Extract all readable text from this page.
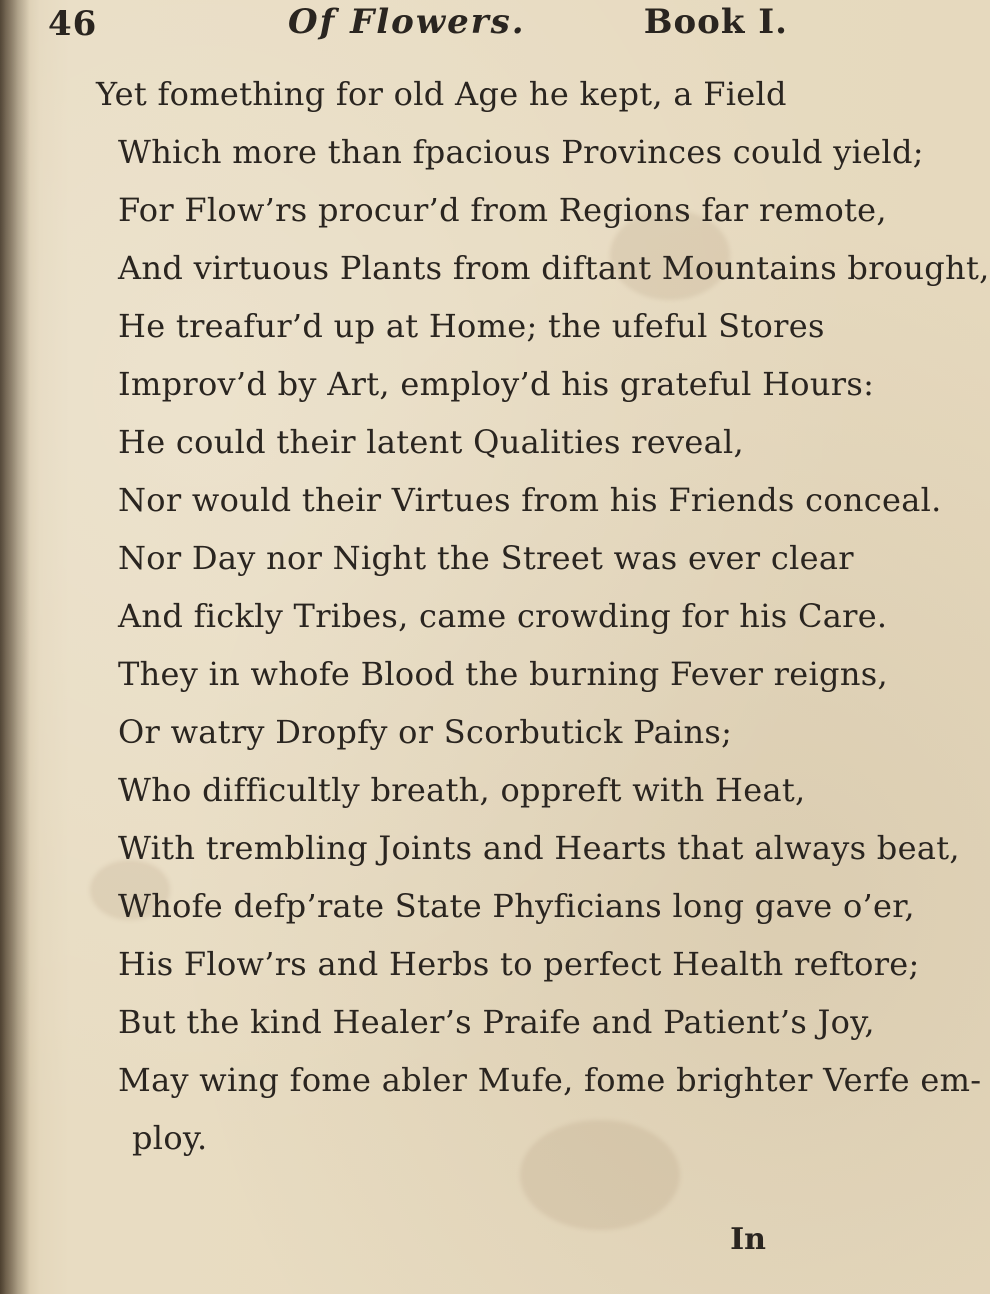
46	Of Flowers.	Book I.
Yet fomething for old Age he kept, a Field
Which more than fpacious Provinces could yield;
For Flow’rs procur’d from Regions far remote,
And virtuous Plants from diftant Mountains brought,
He treafur’d up at Home; the ufeful Stores
Improv’d by Art, employ’d his grateful Hours:
He could their latent Qualities reveal,
Nor would their Virtues from his Friends conceal.
Nor Day nor Night the Street was ever clear
And fickly Tribes, came crowding for his Care.
They in whofe Blood the burning Fever reigns,
Or watry Dropfy or Scorbutick Pains;
Who difficultly breath, oppreft with Heat,
With trembling Joints and Hearts that always beat,
Whofe defp’rate State Phyficians long gave o’er,
His Flow’rs and Herbs to perfect Health reftore;
But the kind Healer’s Praife and Patient’s Joy,
May wing fome abler Mufe, fome brighter Verfe em-
ploy.
In
